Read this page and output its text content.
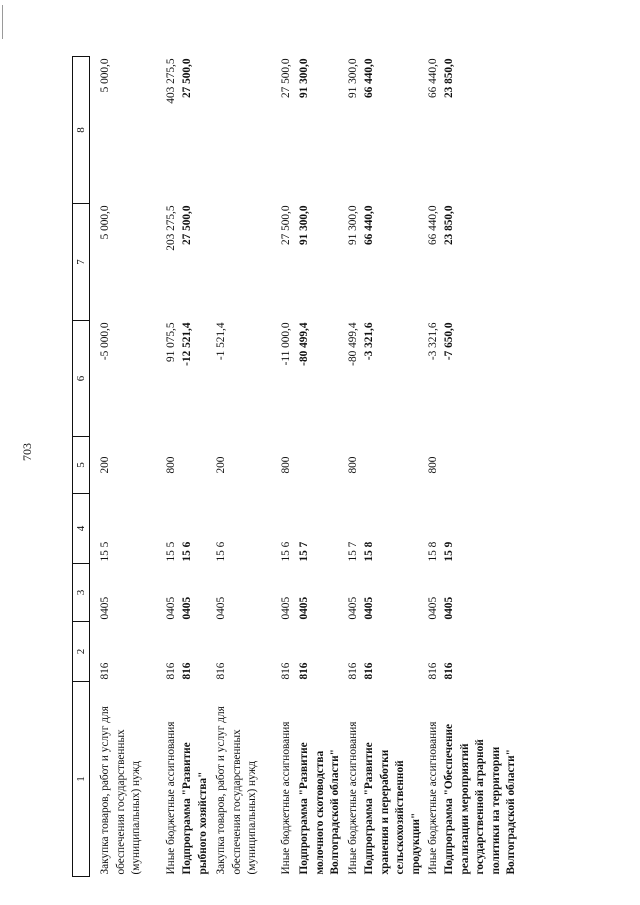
703
1	2	3	4	5	6	7	8

Закупка товаров, работ и услуг для обеспечения государственных (муниципальных) нужд	816	0405	15 5	200	-5 000,0	5 000,0	5 000,0

Иные бюджетные ассигнования	816	0405	15 5	800	91 075,5	203 275,5	403 275,5

Подпрограмма "Развитие рыбного хозяйства"	816	0405	15 6		-12 521,4	27 500,0	27 500,0

Закупка товаров, работ и услуг для обеспечения государственных (муниципальных) нужд	816	0405	15 6	200	-1 521,4		

Иные бюджетные ассигнования	816	0405	15 6	800	-11 000,0	27 500,0	27 500,0

Подпрограмма "Развитие молочного скотоводства Волгоградской области"	816	0405	15 7		-80 499,4	91 300,0	91 300,0

Иные бюджетные ассигнования	816	0405	15 7	800	-80 499,4	91 300,0	91 300,0

Подпрограмма "Развитие хранения и переработки сельскохозяйственной продукции"	816	0405	15 8		-3 321,6	66 440,0	66 440,0

Иные бюджетные ассигнования	816	0405	15 8	800	-3 321,6	66 440,0	66 440,0

Подпрограмма "Обеспечение реализации мероприятий государственной аграрной политики на территории Волгоградской области"	816	0405	15 9		-7 650,0	23 850,0	23 850,0
